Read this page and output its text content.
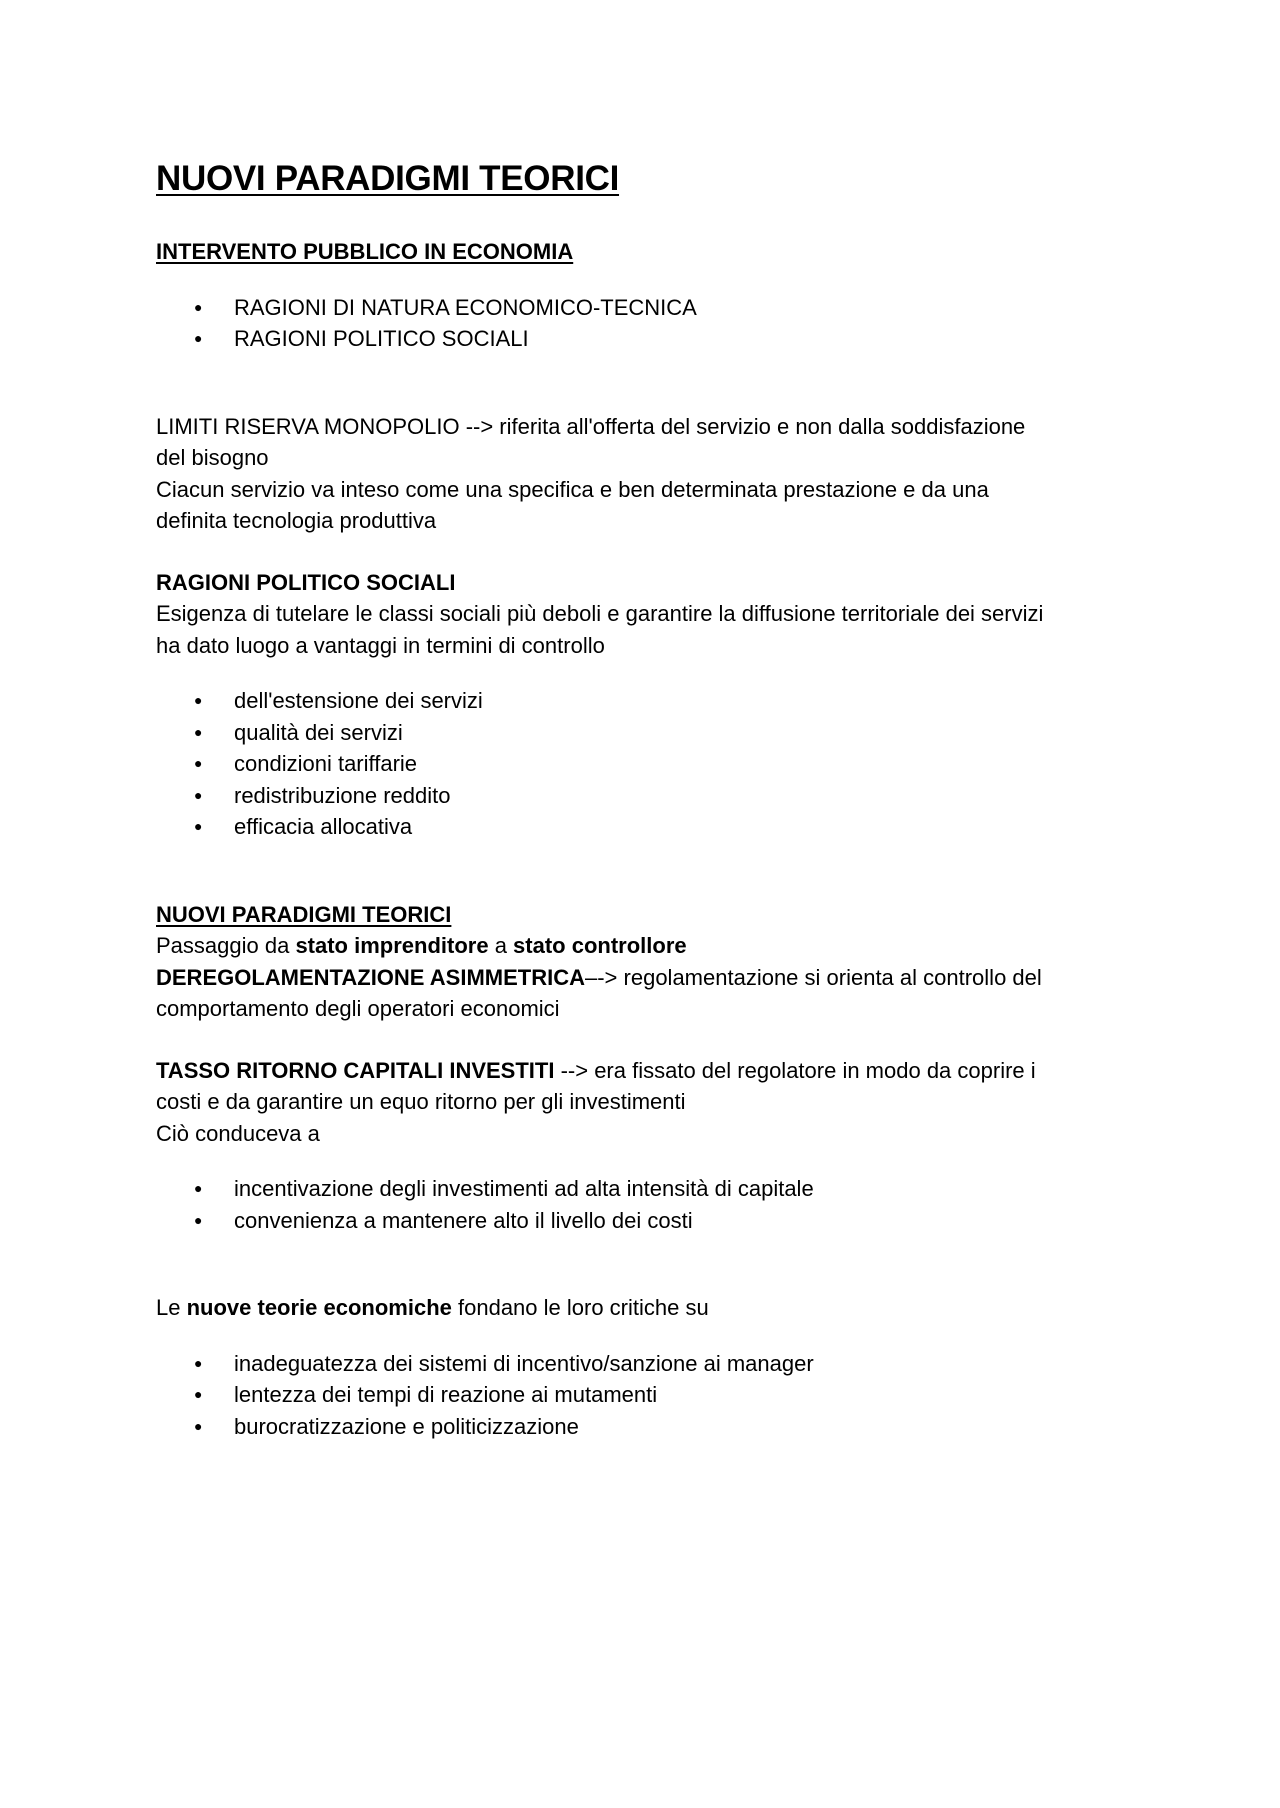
NUOVI PARADIGMI TEORICI
INTERVENTO PUBBLICO IN ECONOMIA
● RAGIONI DI NATURA ECONOMICO-TECNICA
● RAGIONI POLITICO SOCIALI

LIMITI RISERVA MONOPOLIO --> riferita all'offerta del servizio e non dalla soddisfazione
del bisogno

Ciacun servizio va inteso come una specifica e ben determinata prestazione e da una
definita tecnologia produttiva

RAGIONI POLITICO SOCIALI

Esigenza di tutelare le classi sociali più deboli e garantire la diffusione territoriale dei servizi
ha dato luogo a vantaggi in termini di controllo

● dell'estensione dei servizi
● qualità dei servizi
● condizioni tariffarie
● redistribuzione reddito
● efficacia allocativa
NUOVI PARADIGMI TEORICI

Passaggio da stato imprenditore a stato controllore

DEREGOLAMENTAZIONE ASIMMETRICA–-> regolamentazione si orienta al controllo del
comportamento degli operatori economici

TASSO RITORNO CAPITALI INVESTITI --> era fissato del regolatore in modo da coprire i
costi e da garantire un equo ritorno per gli investimenti
Ciò conduceva a

● incentivazione degli investimenti ad alta intensità di capitale
● convenienza a mantenere alto il livello dei costi

Le nuove teorie economiche fondano le loro critiche su

● inadeguatezza dei sistemi di incentivo/sanzione ai manager
● lentezza dei tempi di reazione ai mutamenti
● burocratizzazione e politicizzazione
